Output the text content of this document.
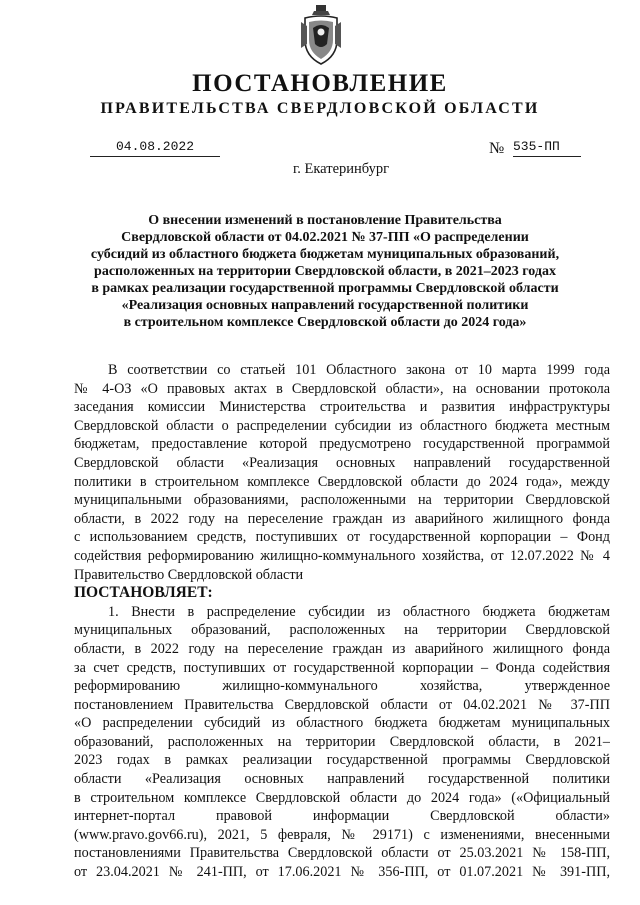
ПОСТАНОВЛЕНИЕ
ПРАВИТЕЛЬСТВА СВЕРДЛОВСКОЙ ОБЛАСТИ
04.08.2022	№ 535-ПП
г. Екатеринбург
О внесении изменений в постановление Правительства
Свердловской области от 04.02.2021 № 37-ПП «О распределении
субсидий из областного бюджета бюджетам муниципальных образований,
расположенных на территории Свердловской области, в 2021–2023 годах
в рамках реализации государственной программы Свердловской области
«Реализация основных направлений государственной политики
в строительном комплексе Свердловской области до 2024 года»
В соответствии со статьей 101 Областного закона от 10 марта 1999 года
№ 4-ОЗ «О правовых актах в Свердловской области», на основании протокола
заседания комиссии Министерства строительства и развития инфраструктуры
Свердловской области о распределении субсидии из областного бюджета местным
бюджетам, предоставление которой предусмотрено государственной программой
Свердловской области «Реализация основных направлений государственной
политики в строительном комплексе Свердловской области до 2024 года», между
муниципальными образованиями, расположенными на территории Свердловской
области, в 2022 году на переселение граждан из аварийного жилищного фонда
с использованием средств, поступивших от государственной корпорации – Фонд
содействия реформированию жилищно-коммунального хозяйства, от 12.07.2022 № 4
Правительство Свердловской области

ПОСТАНОВЛЯЕТ:

1. Внести в распределение субсидии из областного бюджета бюджетам
муниципальных образований, расположенных на территории Свердловской
области, в 2022 году на переселение граждан из аварийного жилищного фонда
за счет средств, поступивших от государственной корпорации – Фонда содействия
реформированию жилищно-коммунального хозяйства, утвержденное
постановлением Правительства Свердловской области от 04.02.2021 № 37-ПП
«О распределении субсидий из областного бюджета бюджетам муниципальных
образований, расположенных на территории Свердловской области, в 2021–
2023 годах в рамках реализации государственной программы Свердловской
области «Реализация основных направлений государственной политики
в строительном комплексе Свердловской области до 2024 года» («Официальный
интернет-портал правовой информации Свердловской области»
(www.pravo.gov66.ru), 2021, 5 февраля, № 29171) с изменениями, внесенными
постановлениями Правительства Свердловской области от 25.03.2021 № 158-ПП,
от 23.04.2021 № 241-ПП, от 17.06.2021 № 356-ПП, от 01.07.2021 № 391-ПП,
